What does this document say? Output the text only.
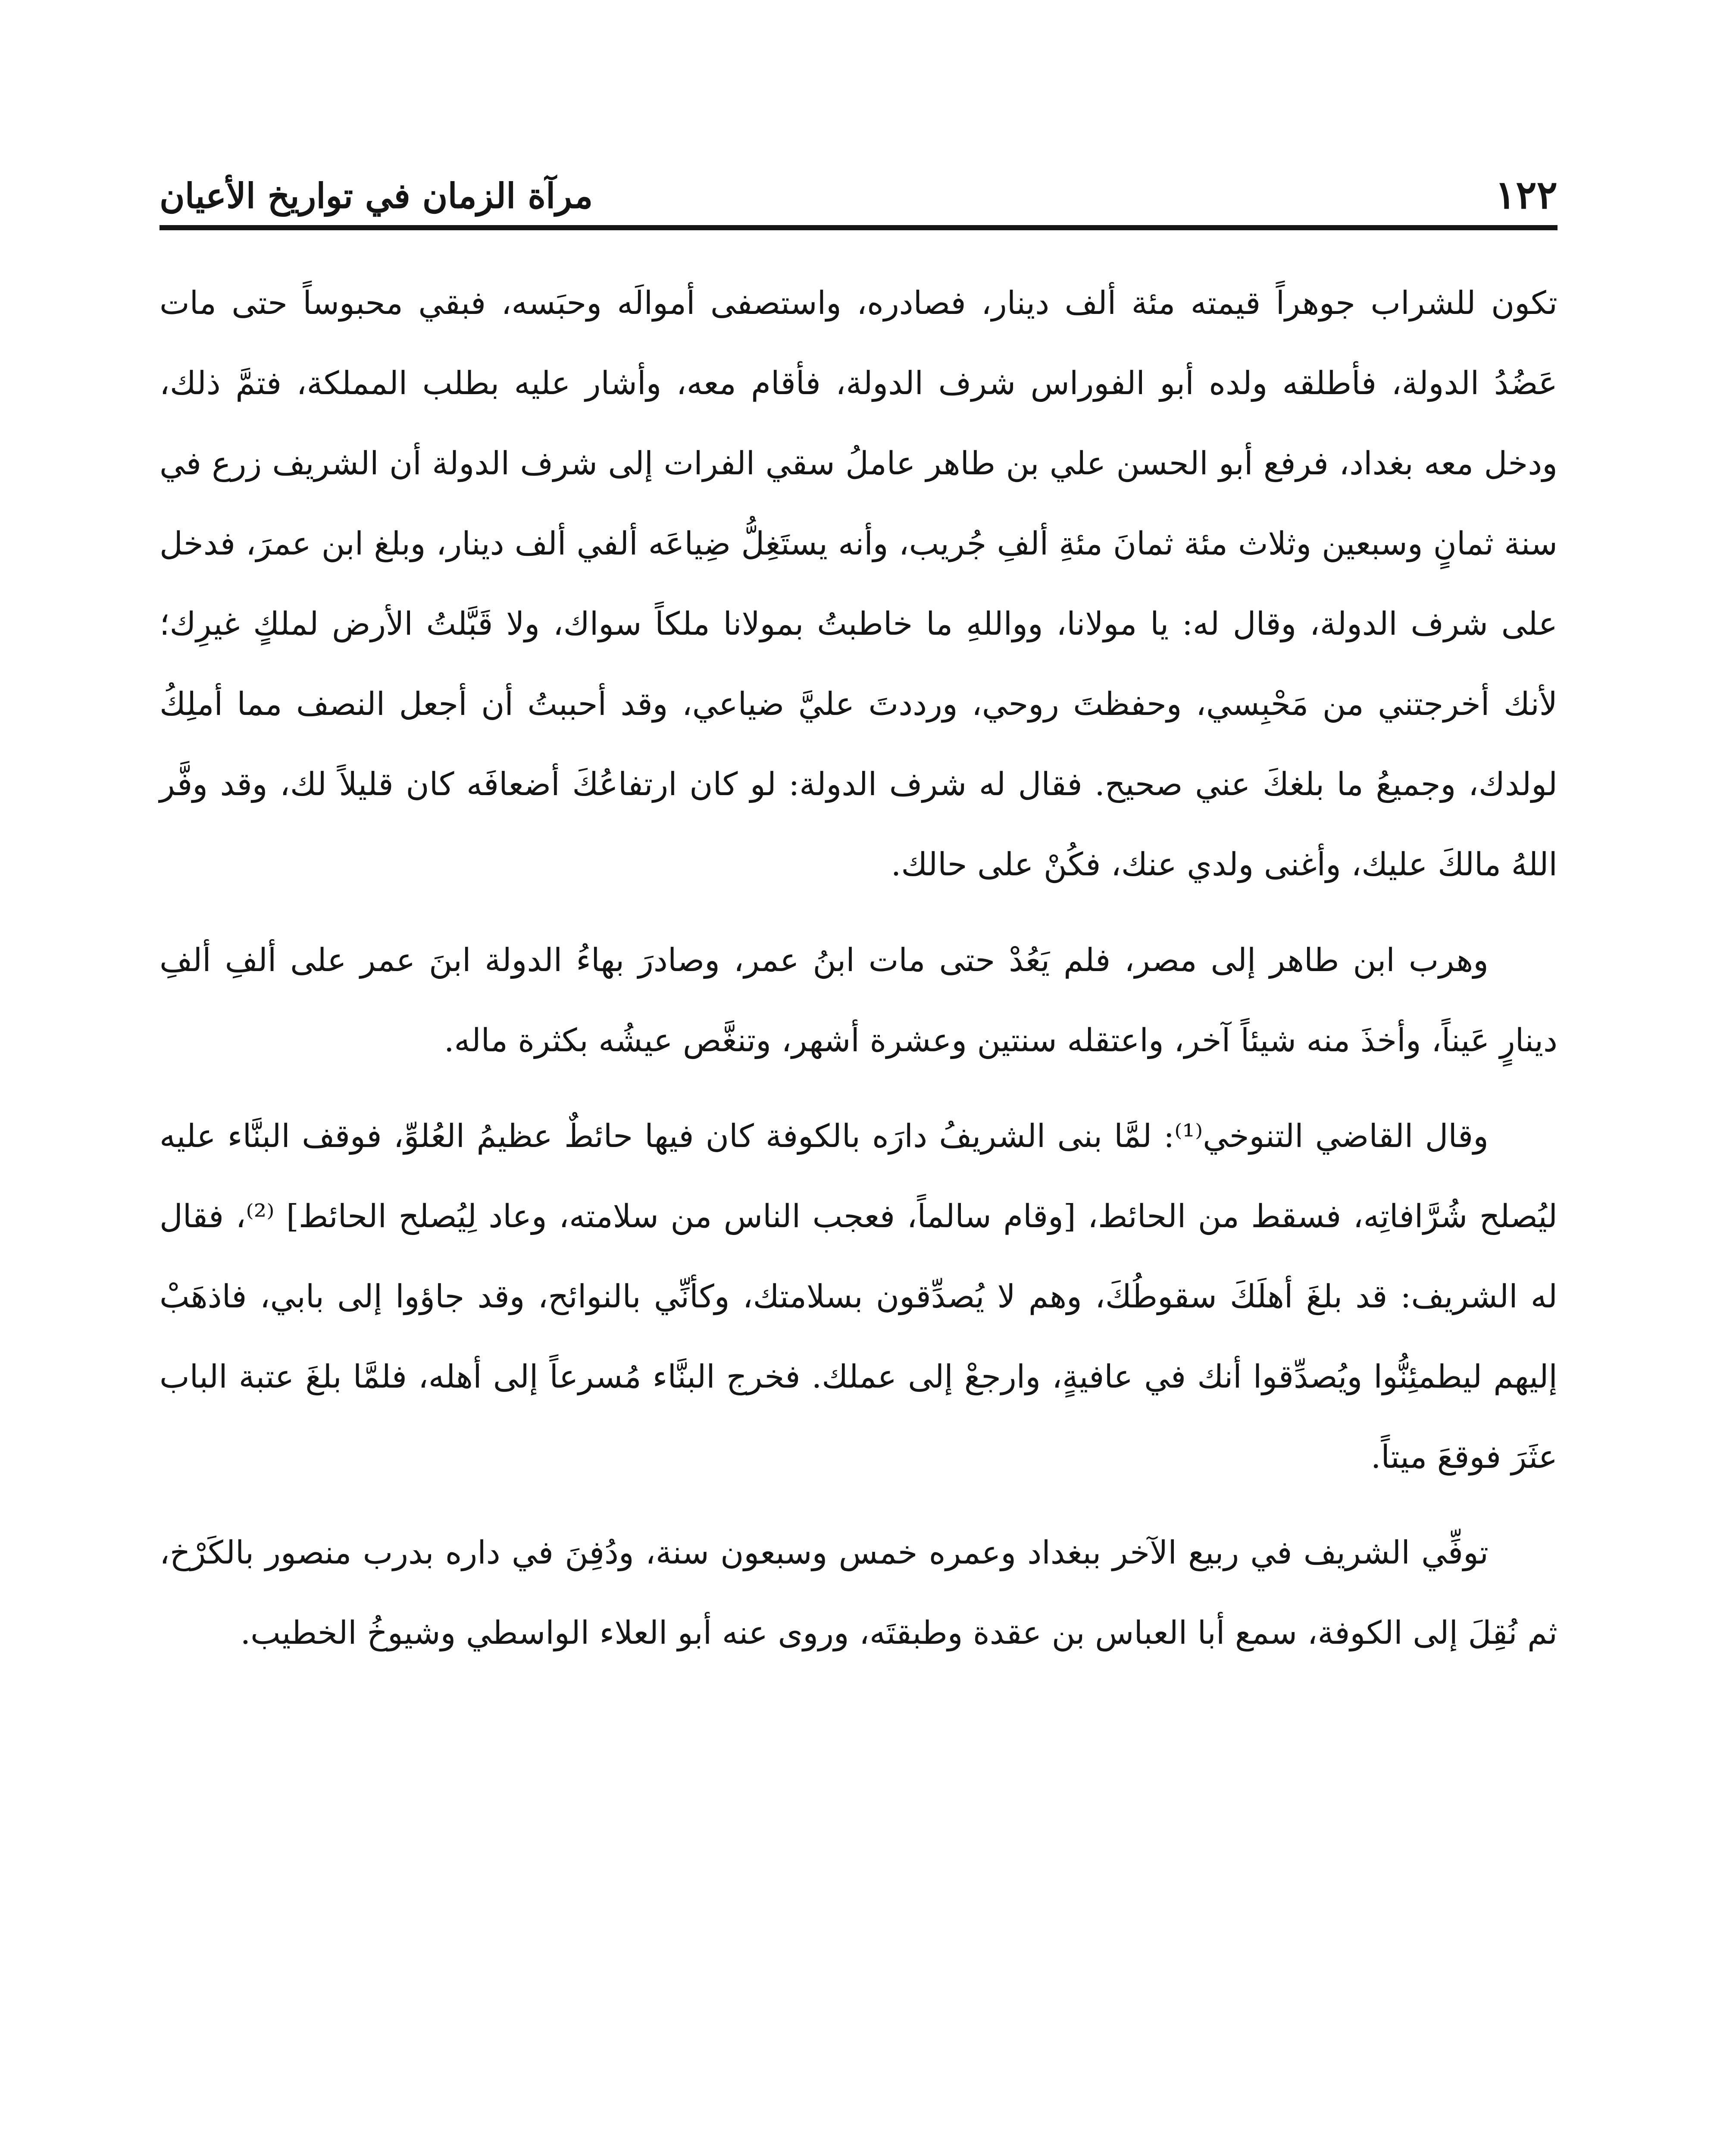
مرآة الزمان في تواريخ الأعيان	١٢٢

تكون للشراب جوهراً قيمته مئة ألف دينار، فصادره، واستصفى أموالَه وحبَسه، فبقي محبوساً حتى مات عَضُدُ الدولة، فأطلقه ولده أبو الفوراس شرف الدولة، فأقام معه، وأشار عليه بطلب المملكة، فتمَّ ذلك، ودخل معه بغداد، فرفع أبو الحسن علي بن طاهر عاملُ سقي الفرات إلى شرف الدولة أن الشريف زرع في سنة ثمانٍ وسبعين وثلاث مئة ثمانَ مئةِ ألفِ جُريب، وأنه يستَغِلُّ ضِياعَه ألفي ألف دينار، وبلغ ابن عمرَ، فدخل على شرف الدولة، وقال له: يا مولانا، وواللهِ ما خاطبتُ بمولانا ملكاً سواك، ولا قَبَّلتُ الأرض لملكٍ غيرِك؛ لأنك أخرجتني من مَحْبِسي، وحفظتَ روحي، ورددتَ عليَّ ضياعي، وقد أحببتُ أن أجعل النصف مما أملِكُ لولدك، وجميعُ ما بلغكَ عني صحيح. فقال له شرف الدولة: لو كان ارتفاعُكَ أضعافَه كان قليلاً لك، وقد وفَّر اللهُ مالكَ عليك، وأغنى ولدي عنك، فكُنْ على حالك.

وهرب ابن طاهر إلى مصر، فلم يَعُدْ حتى مات ابنُ عمر، وصادرَ بهاءُ الدولة ابنَ عمر على ألفِ ألفِ دينارٍ عَيناً، وأخذَ منه شيئاً آخر، واعتقله سنتين وعشرة أشهر، وتنغَّص عيشُه بكثرة ماله.

وقال القاضي التنوخي⁽¹⁾: لمَّا بنى الشريفُ دارَه بالكوفة كان فيها حائطٌ عظيمُ العُلوِّ، فوقف البنَّاء عليه ليُصلح شُرَّافاتِه، فسقط من الحائط، [وقام سالماً، فعجب الناس من سلامته، وعاد لِيُصلح الحائط] ⁽²⁾، فقال له الشريف: قد بلغَ أهلَكَ سقوطُكَ، وهم لا يُصدِّقون بسلامتك، وكأنِّي بالنوائح، وقد جاؤوا إلى بابي، فاذهَبْ إليهم ليطمئِنُّوا ويُصدِّقوا أنك في عافيةٍ، وارجعْ إلى عملك. فخرج البنَّاء مُسرعاً إلى أهله، فلمَّا بلغَ عتبة الباب عثَرَ فوقعَ ميتاً.

توفِّي الشريف في ربيع الآخر ببغداد وعمره خمس وسبعون سنة، ودُفِنَ في داره بدرب منصور بالكَرْخ، ثم نُقِلَ إلى الكوفة، سمع أبا العباس بن عقدة وطبقتَه، وروى عنه أبو العلاء الواسطي وشيوخُ الخطيب.
